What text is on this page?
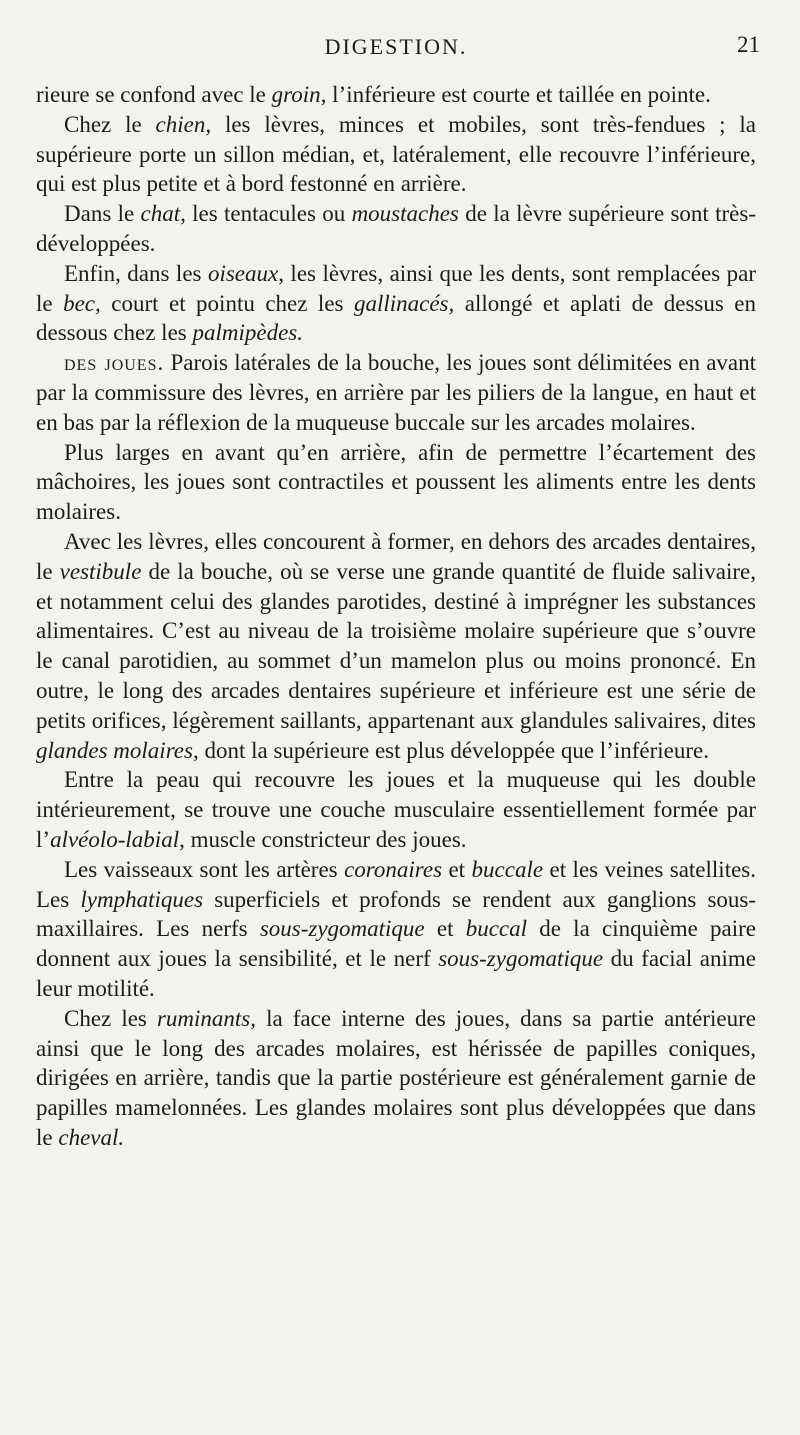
DIGESTION.	21

rieure se confond avec le groin, l’inférieure est courte et taillée en pointe.

Chez le chien, les lèvres, minces et mobiles, sont très-fendues ; la supérieure porte un sillon médian, et, latéralement, elle recouvre l’inférieure, qui est plus petite et à bord festonné en arrière.

Dans le chat, les tentacules ou moustaches de la lèvre supérieure sont très-développées.

Enfin, dans les oiseaux, les lèvres, ainsi que les dents, sont remplacées par le bec, court et pointu chez les gallinacés, allongé et aplati de dessus en dessous chez les palmipèdes.

des joues. Parois latérales de la bouche, les joues sont délimitées en avant par la commissure des lèvres, en arrière par les piliers de la langue, en haut et en bas par la réflexion de la muqueuse buccale sur les arcades molaires.

Plus larges en avant qu’en arrière, afin de permettre l’écartement des mâchoires, les joues sont contractiles et poussent les aliments entre les dents molaires.

Avec les lèvres, elles concourent à former, en dehors des arcades dentaires, le vestibule de la bouche, où se verse une grande quantité de fluide salivaire, et notamment celui des glandes parotides, destiné à imprégner les substances alimentaires. C’est au niveau de la troisième molaire supérieure que s’ouvre le canal parotidien, au sommet d’un mamelon plus ou moins prononcé. En outre, le long des arcades dentaires supérieure et inférieure est une série de petits orifices, légèrement saillants, appartenant aux glandules salivaires, dites glandes molaires, dont la supérieure est plus développée que l’inférieure.

Entre la peau qui recouvre les joues et la muqueuse qui les double intérieurement, se trouve une couche musculaire essentiellement formée par l’alvéolo-labial, muscle constricteur des joues.

Les vaisseaux sont les artères coronaires et buccale et les veines satellites. Les lymphatiques superficiels et profonds se rendent aux ganglions sous-maxillaires. Les nerfs sous-zygomatique et buccal de la cinquième paire donnent aux joues la sensibilité, et le nerf sous-zygomatique du facial anime leur motilité.

Chez les ruminants, la face interne des joues, dans sa partie antérieure ainsi que le long des arcades molaires, est hérissée de papilles coniques, dirigées en arrière, tandis que la partie postérieure est généralement garnie de papilles mamelonnées. Les glandes molaires sont plus développées que dans le cheval.
